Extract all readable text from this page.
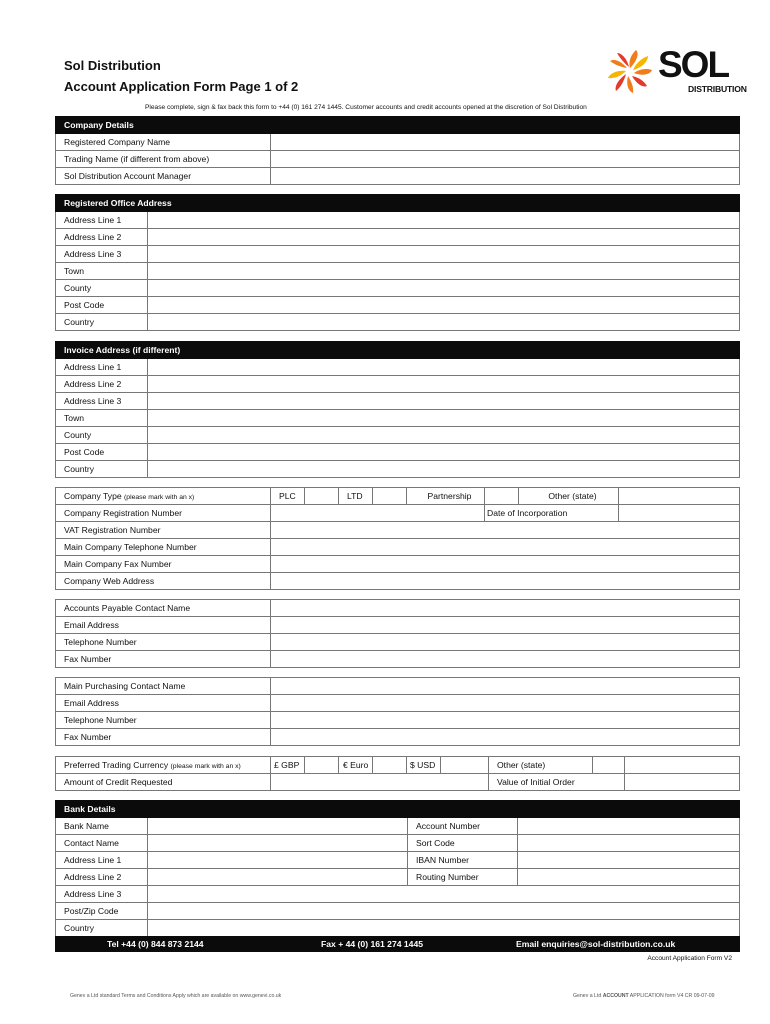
Sol Distribution
Account Application Form Page 1 of 2
Please complete, sign & fax back this form to +44 (0) 161 274 1445. Customer accounts and credit accounts opened at the discretion of Sol Distribution
SOL
DISTRIBUTION
Company Details	
Registered Company Name	
Trading Name (if different from above)	
Sol Distribution Account Manager	
Registered Office Address	
Address Line 1	
Address Line 2	
Address Line 3	
Town	
County	
Post Code	
Country	
Invoice Address (if different)	
Address Line 1	
Address Line 2	
Address Line 3	
Town	
County	
Post Code	
Country	
Company Type (please mark with an x)	PLC		LTD		Partnership		Other (state)	
Company Registration Number						Date of Incorporation		
VAT Registration Number								
Main Company Telephone Number								
Main Company Fax Number								
Company Web Address								
Accounts Payable Contact Name	
Email Address	
Telephone Number	
Fax Number	
Main Purchasing Contact Name	
Email Address	
Telephone Number	
Fax Number	
Preferred Trading Currency (please mark with an x)	£ GBP		€ Euro		$ USD		Other (state)		
Amount of Credit Requested							Value of Initial Order		
Bank Details			
Bank Name		Account Number	
Contact Name		Sort Code	
Address Line 1		IBAN Number	
Address Line 2		Routing Number	
Address Line 3			
Post/Zip Code			
Country			
Tel +44 (0) 844 873 2144	Fax + 44 (0) 161 274 1445	Email enquiries@sol-distribution.co.uk
Account Application Form V2
Genev a Ltd standard Terms and Conditions Apply which are available on www.genevi.co.uk	Genev a Ltd ACCOUNT APPLICATION form V4 CR 09-07-09
